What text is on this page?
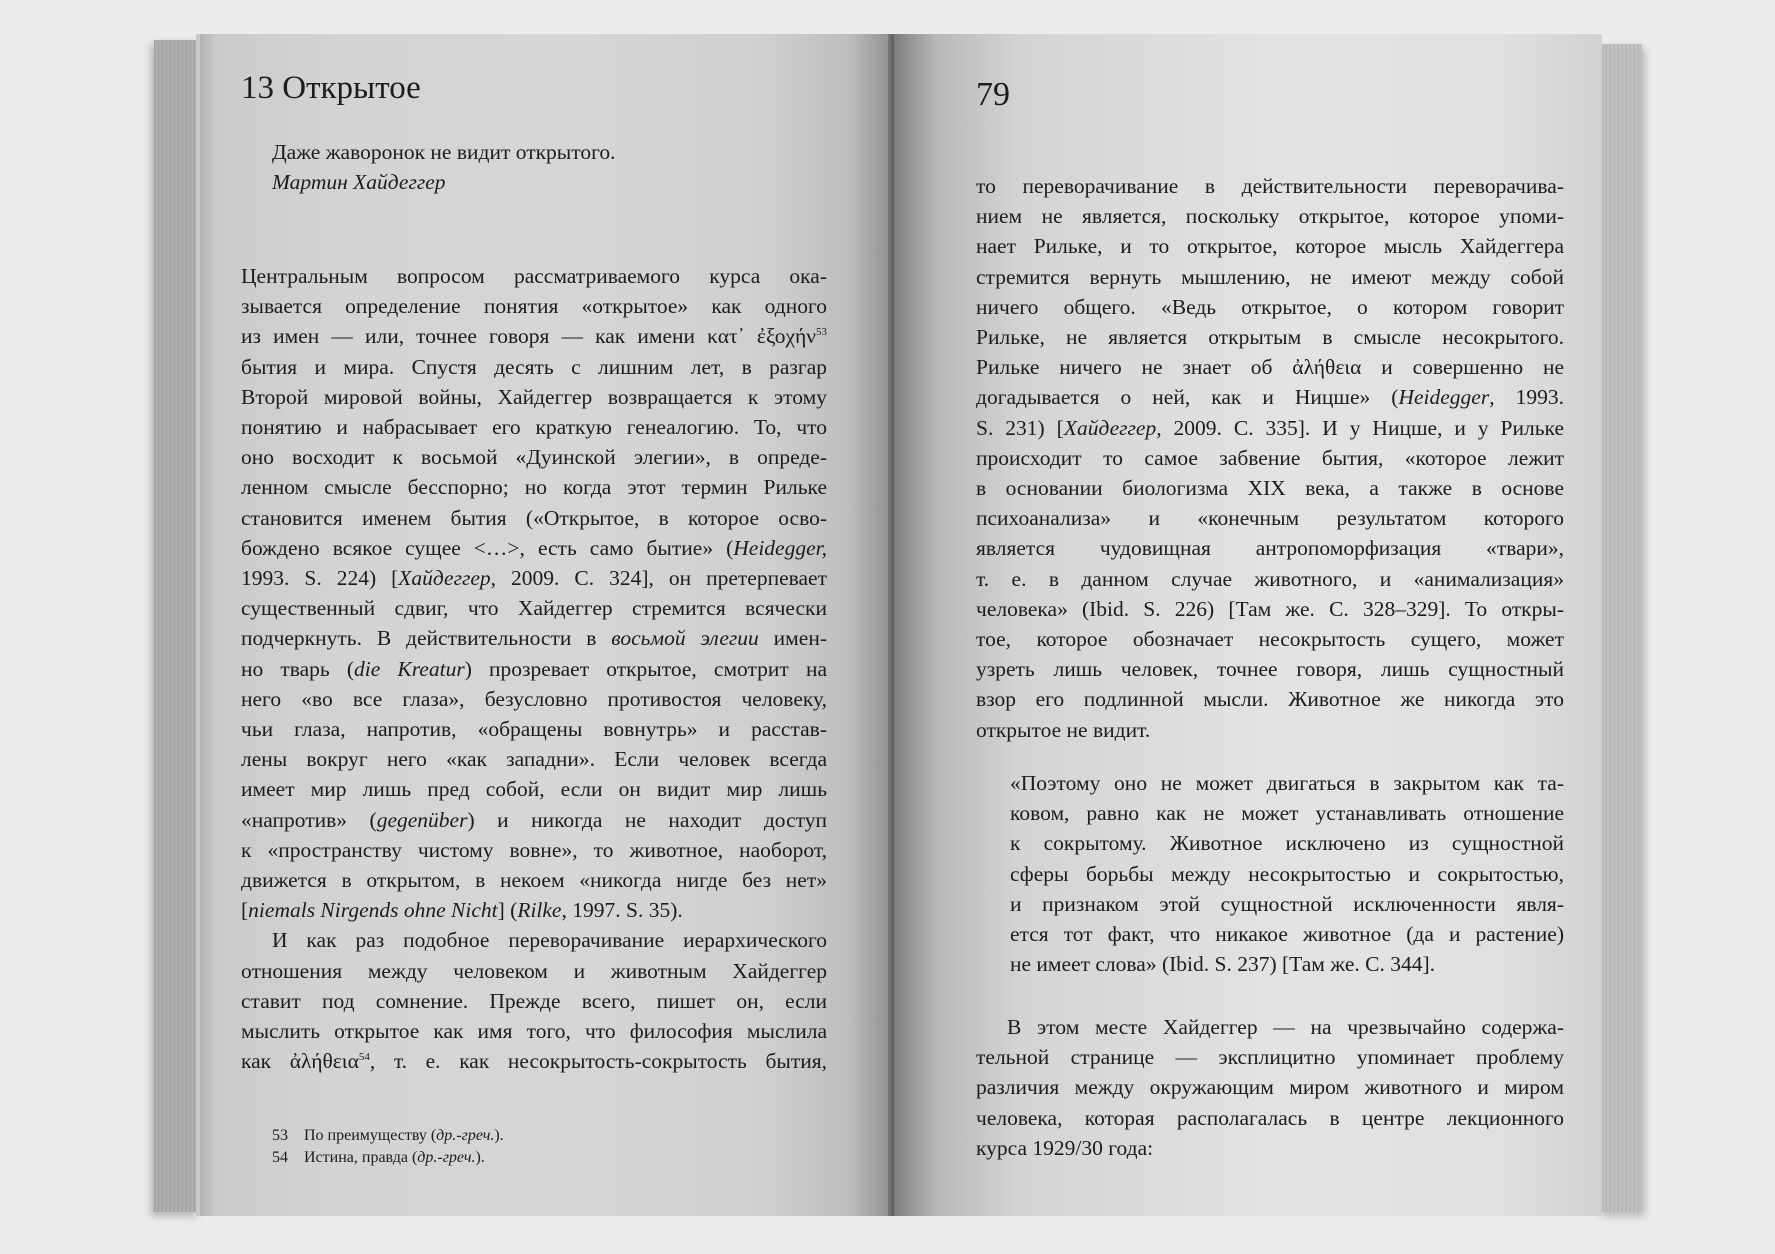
13 Открытое
Даже жаворонок не видит открытого.
Мартин Хайдеггер
Центральным вопросом рассматриваемого курса ока-
зывается определение понятия «открытое» как одного
из имен — или, точнее говоря — как имени κατ᾽ ἐξοχήν$^{53}$
бытия и мира. Спустя десять с лишним лет, в разгар
Второй мировой войны, Хайдеггер возвращается к этому
понятию и набрасывает его краткую генеалогию. То, что
оно восходит к восьмой «Дуинской элегии», в опреде-
ленном смысле бесспорно; но когда этот термин Рильке
становится именем бытия («Открытое, в которое осво-
бождено всякое сущее <…>, есть само бытие» (Heidegger,
1993. S. 224) [Хайдеггер, 2009. С. 324], он претерпевает
существенный сдвиг, что Хайдеггер стремится всячески
подчеркнуть. В действительности в восьмой элегии имен-
но тварь (die Kreatur) прозревает открытое, смотрит на
него «во все глаза», безусловно противостоя человеку,
чьи глаза, напротив, «обращены вовнутрь» и расстав-
лены вокруг него «как западни». Если человек всегда
имеет мир лишь пред собой, если он видит мир лишь
«напротив» (gegenüber) и никогда не находит доступ
к «пространству чистому вовне», то животное, наоборот,
движется в открытом, в некоем «никогда нигде без нет»
[niemals Nirgends ohne Nicht] (Rilke, 1997. S. 35).
И как раз подобное переворачивание иерархического
отношения между человеком и животным Хайдеггер
ставит под сомнение. Прежде всего, пишет он, если
мыслить открытое как имя того, что философия мыслила
как ἀλήθεια$^{54}$, т. е. как несокрытость-сокрытость бытия,
53 По преимуществу (др.-греч.).
54 Истина, правда (др.-греч.).
79
то переворачивание в действительности переворачива-
нием не является, поскольку открытое, которое упоми-
нает Рильке, и то открытое, которое мысль Хайдеггера
стремится вернуть мышлению, не имеют между собой
ничего общего. «Ведь открытое, о котором говорит
Рильке, не является открытым в смысле несокрытого.
Рильке ничего не знает об ἀλήθεια и совершенно не
догадывается о ней, как и Ницше» (Heidegger, 1993.
S. 231) [Хайдеггер, 2009. С. 335]. И у Ницше, и у Рильке
происходит то самое забвение бытия, «которое лежит
в основании биологизма XIX века, а также в основе
психоанализа» и «конечным результатом которого
является чудовищная антропоморфизация «твари»,
т. е. в данном случае животного, и «анимализация»
человека» (Ibid. S. 226) [Там же. С. 328–329]. То откры-
тое, которое обозначает несокрытость сущего, может
узреть лишь человек, точнее говоря, лишь сущностный
взор его подлинной мысли. Животное же никогда это
открытое не видит.
«Поэтому оно не может двигаться в закрытом как та-
ковом, равно как не может устанавливать отношение
к сокрытому. Животное исключено из сущностной
сферы борьбы между несокрытостью и сокрытостью,
и признаком этой сущностной исключенности явля-
ется тот факт, что никакое животное (да и растение)
не имеет слова» (Ibid. S. 237) [Там же. С. 344].
В этом месте Хайдеггер — на чрезвычайно содержа-
тельной странице — эксплицитно упоминает проблему
различия между окружающим миром животного и миром
человека, которая располагалась в центре лекционного
курса 1929/30 года:
